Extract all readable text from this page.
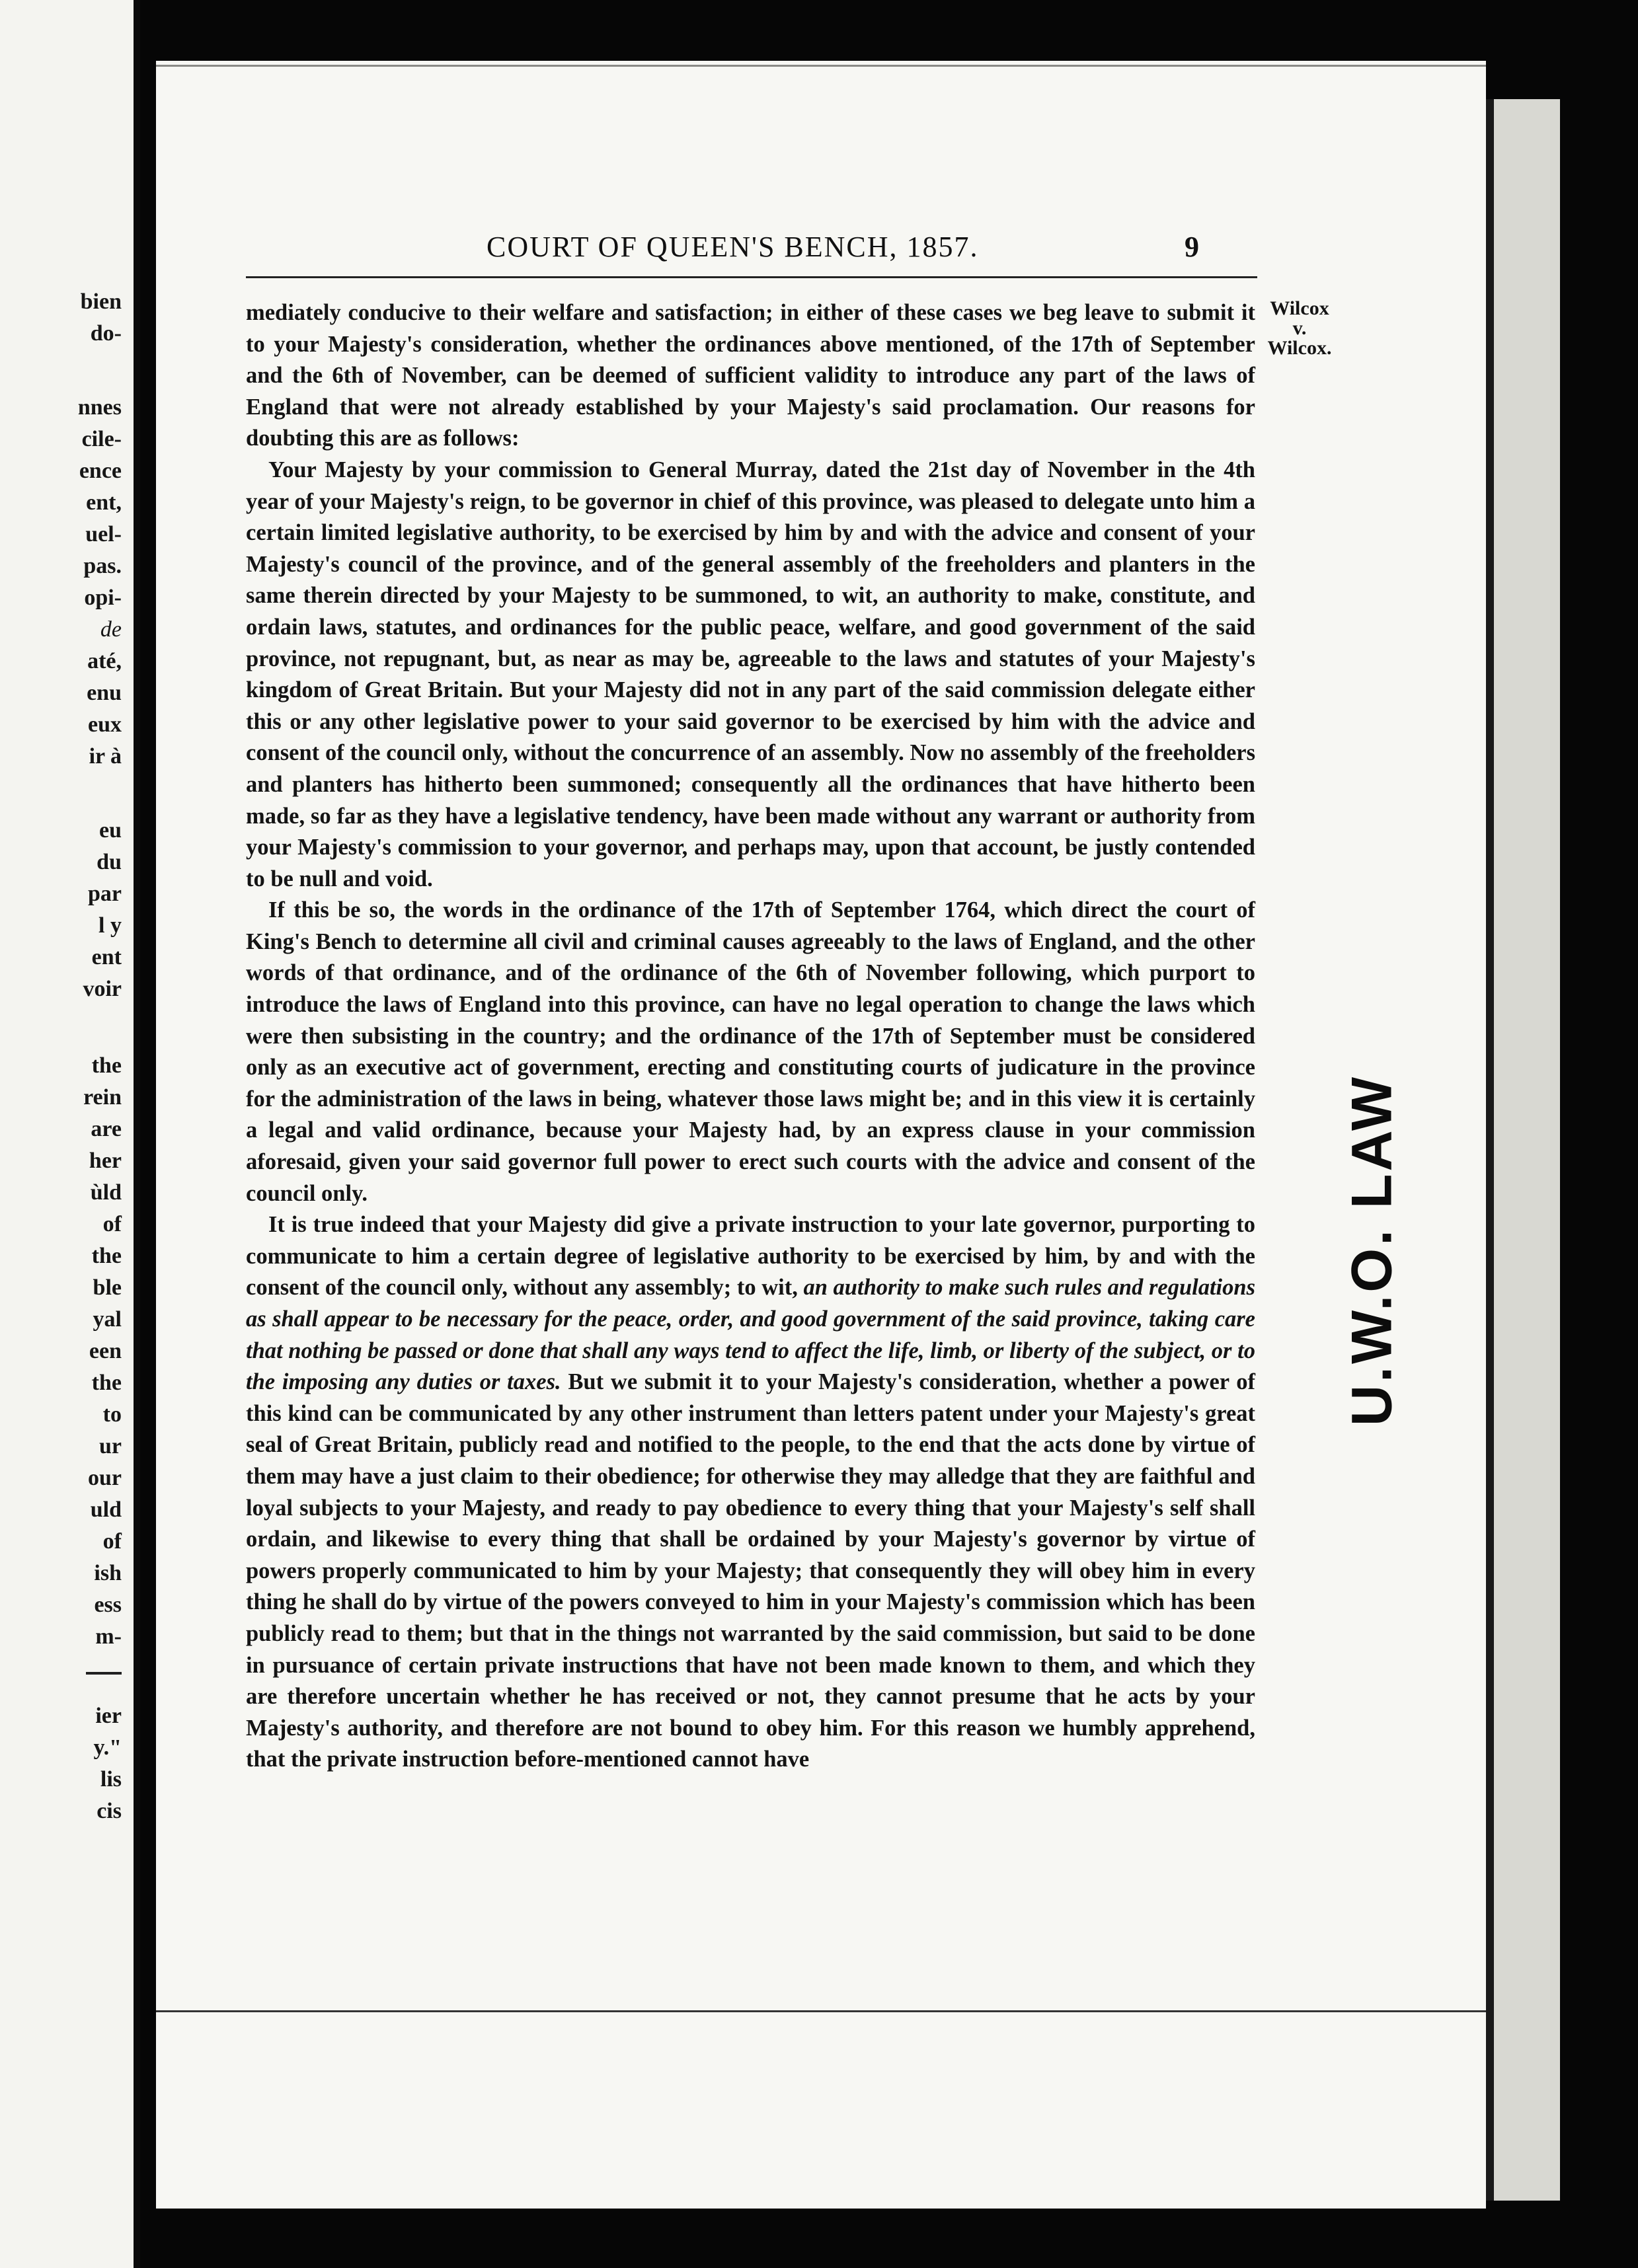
bien
do-
nnes
cile-
ence
ent,
uel-
pas.
opi-
de
até,
enu
eux
ir à
eu
du
par
l y
ent
voir
the
rein
are
her
ùld
of
the
ble
yal
een
the
to
ur
our
uld
of
ish
ess
m-
ier
y."
lis
cis
COURT OF QUEEN'S BENCH, 1857.	9

mediately conducive to their welfare and satisfaction; in either of these cases we beg leave to submit it to your Majesty's consideration, whether the ordinances above mentioned, of the 17th of September and the 6th of November, can be deemed of sufficient validity to introduce any part of the laws of England that were not already established by your Majesty's said proclamation. Our reasons for doubting this are as follows:

Your Majesty by your commission to General Murray, dated the 21st day of November in the 4th year of your Majesty's reign, to be governor in chief of this province, was pleased to delegate unto him a certain limited legislative authority, to be exercised by him by and with the advice and consent of your Majesty's council of the province, and of the general assembly of the freeholders and planters in the same therein directed by your Majesty to be summoned, to wit, an authority to make, constitute, and ordain laws, statutes, and ordinances for the public peace, welfare, and good government of the said province, not repugnant, but, as near as may be, agreeable to the laws and statutes of your Majesty's kingdom of Great Britain. But your Majesty did not in any part of the said commission delegate either this or any other legislative power to your said governor to be exercised by him with the advice and consent of the council only, without the concurrence of an assembly. Now no assembly of the freeholders and planters has hitherto been summoned; consequently all the ordinances that have hitherto been made, so far as they have a legislative tendency, have been made without any warrant or authority from your Majesty's commission to your governor, and perhaps may, upon that account, be justly contended to be null and void.

If this be so, the words in the ordinance of the 17th of September 1764, which direct the court of King's Bench to determine all civil and criminal causes agreeably to the laws of England, and the other words of that ordinance, and of the ordinance of the 6th of November following, which purport to introduce the laws of England into this province, can have no legal operation to change the laws which were then subsisting in the country; and the ordinance of the 17th of September must be considered only as an executive act of government, erecting and constituting courts of judicature in the province for the administration of the laws in being, whatever those laws might be; and in this view it is certainly a legal and valid ordinance, because your Majesty had, by an express clause in your commission aforesaid, given your said governor full power to erect such courts with the advice and consent of the council only.

It is true indeed that your Majesty did give a private instruction to your late governor, purporting to communicate to him a certain degree of legislative authority to be exercised by him, by and with the consent of the council only, without any assembly; to wit, an authority to make such rules and regulations as shall appear to be necessary for the peace, order, and good government of the said province, taking care that nothing be passed or done that shall any ways tend to affect the life, limb, or liberty of the subject, or to the imposing any duties or taxes. But we submit it to your Majesty's consideration, whether a power of this kind can be communicated by any other instrument than letters patent under your Majesty's great seal of Great Britain, publicly read and notified to the people, to the end that the acts done by virtue of them may have a just claim to their obedience; for otherwise they may alledge that they are faithful and loyal subjects to your Majesty, and ready to pay obedience to every thing that your Majesty's self shall ordain, and likewise to every thing that shall be ordained by your Majesty's governor by virtue of powers properly communicated to him by your Majesty; that consequently they will obey him in every thing he shall do by virtue of the powers conveyed to him in your Majesty's commission which has been publicly read to them; but that in the things not warranted by the said commission, but said to be done in pursuance of certain private instructions that have not been made known to them, and which they are therefore uncertain whether he has received or not, they cannot presume that he acts by your Majesty's authority, and therefore are not bound to obey him. For this reason we humbly apprehend, that the private instruction before-mentioned cannot have

Wilcox
v.
Wilcox.
U.W.O. LAW
